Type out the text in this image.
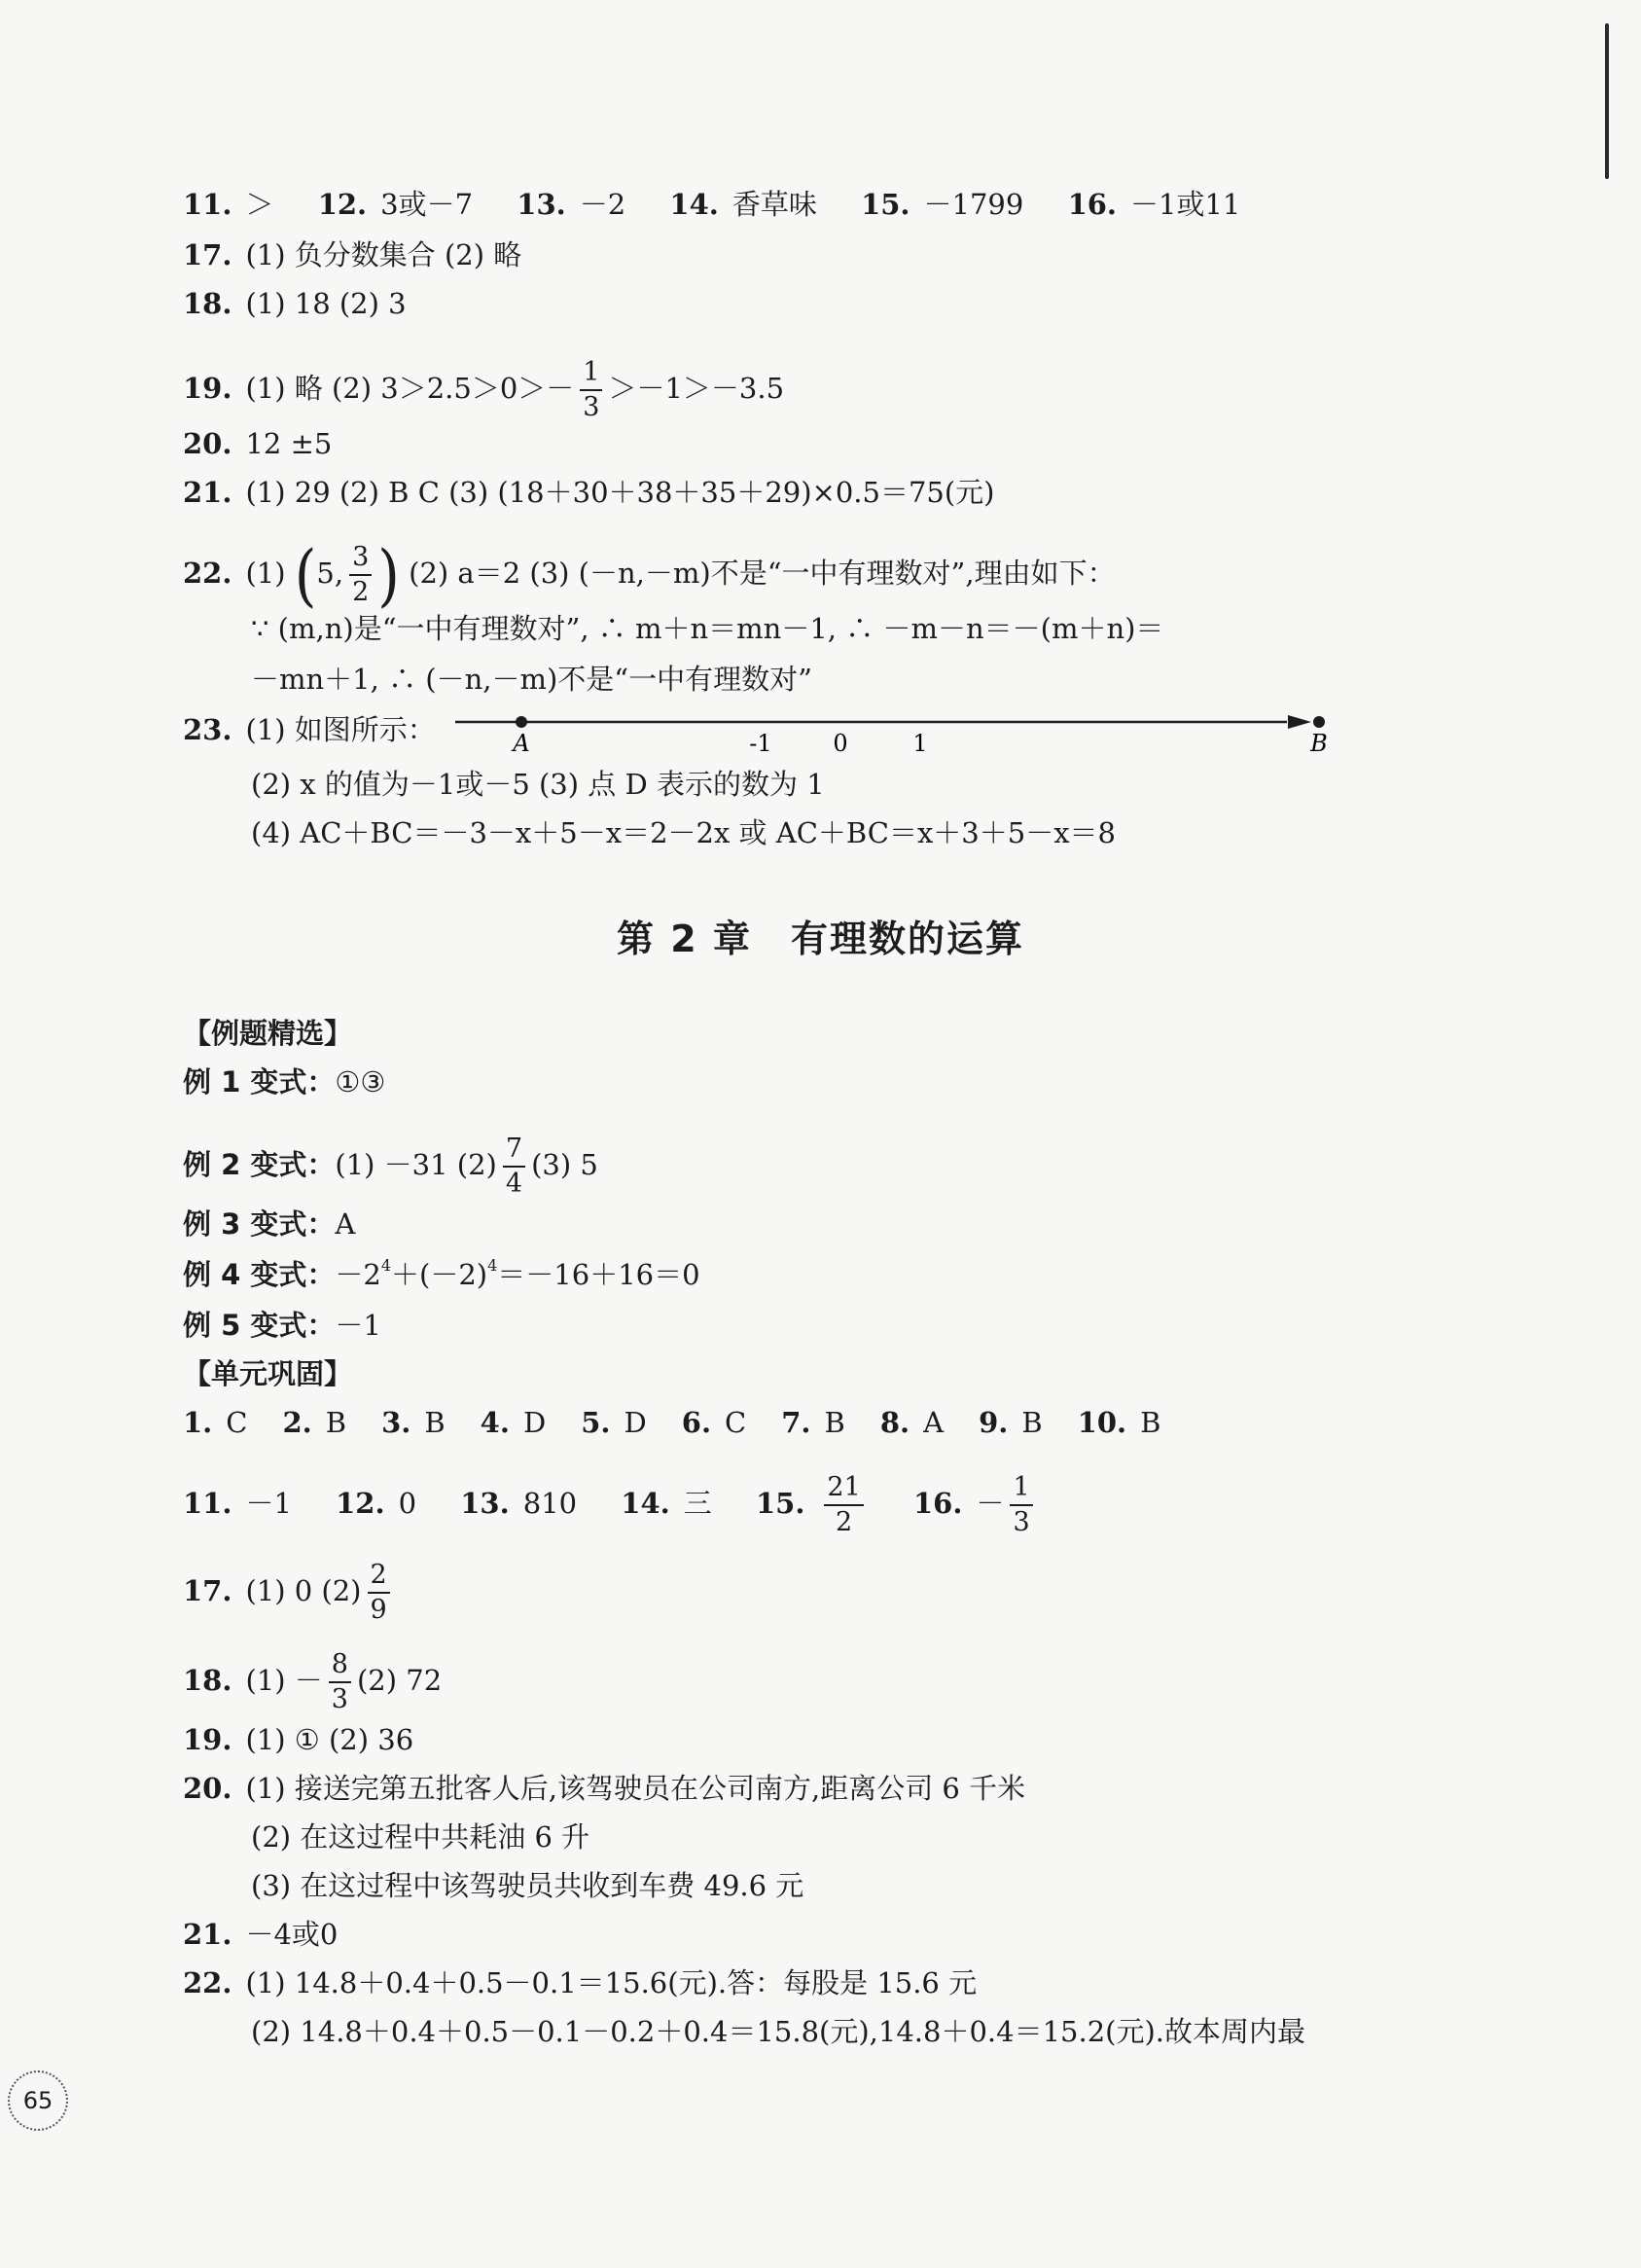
11. ＞ 12. 3或－7 13. －2 14. 香草味 15. －1799 16. －1或11
17. (1) 负分数集合 (2) 略
18. (1) 18 (2) 3
19. (1) 略 (2) $3>2.5>0>- \frac{1}{3} >-1>-3.5$
20. 12 ±5
21. (1) 29 (2) B C (3) (18＋30＋38＋35＋29)×0.5＝75(元)
22. (1) (5, $\frac{3}{2}$ ) (2) a＝2 (3) (－n,－m)不是“一中有理数对”,理由如下：
∵ (m,n)是“一中有理数对”, ∴ m＋n＝mn－1, ∴ －m－n＝－(m＋n)＝
－mn＋1, ∴ (－n,－m)不是“一中有理数对”
23. (1) 如图所示：	A	-1	0	1	B
(2) x 的值为－1或－5 (3) 点 D 表示的数为 1
(4) AC＋BC＝－3－x＋5－x＝2－2x 或 AC＋BC＝x＋3＋5－x＝8
第 2 章　有理数的运算
【例题精选】
例 1 变式：①③
例 2 变式：(1) －31 $(2) \frac{7}{4} (3)$ 5
例 3 变式：A
例 4 变式：$-2^4+(-2)^4=-16+16=0$
例 5 变式：－1
【单元巩固】
1. C 2. B 3. B 4. D 5. D 6. C 7. B 8. A 9. B 10. B
11. －1 12. 0 13. 810 14. 三 15. $\frac{21}{2} 16$. － $\frac{1}{3}$
17. (1) 0 $(2) \frac{2}{9}$
18. $(1) - \frac{8}{3} (2)$ 72
19. (1) ① (2) 36
20. (1) 接送完第五批客人后,该驾驶员在公司南方,距离公司 6 千米
(2) 在这过程中共耗油 6 升
(3) 在这过程中该驾驶员共收到车费 49.6 元
21. －4或0
22. (1) 14.8＋0.4＋0.5－0.1＝15.6(元).答：每股是 15.6 元
(2) 14.8＋0.4＋0.5－0.1－0.2＋0.4＝15.8(元),14.8＋0.4＝15.2(元).故本周内最
65
